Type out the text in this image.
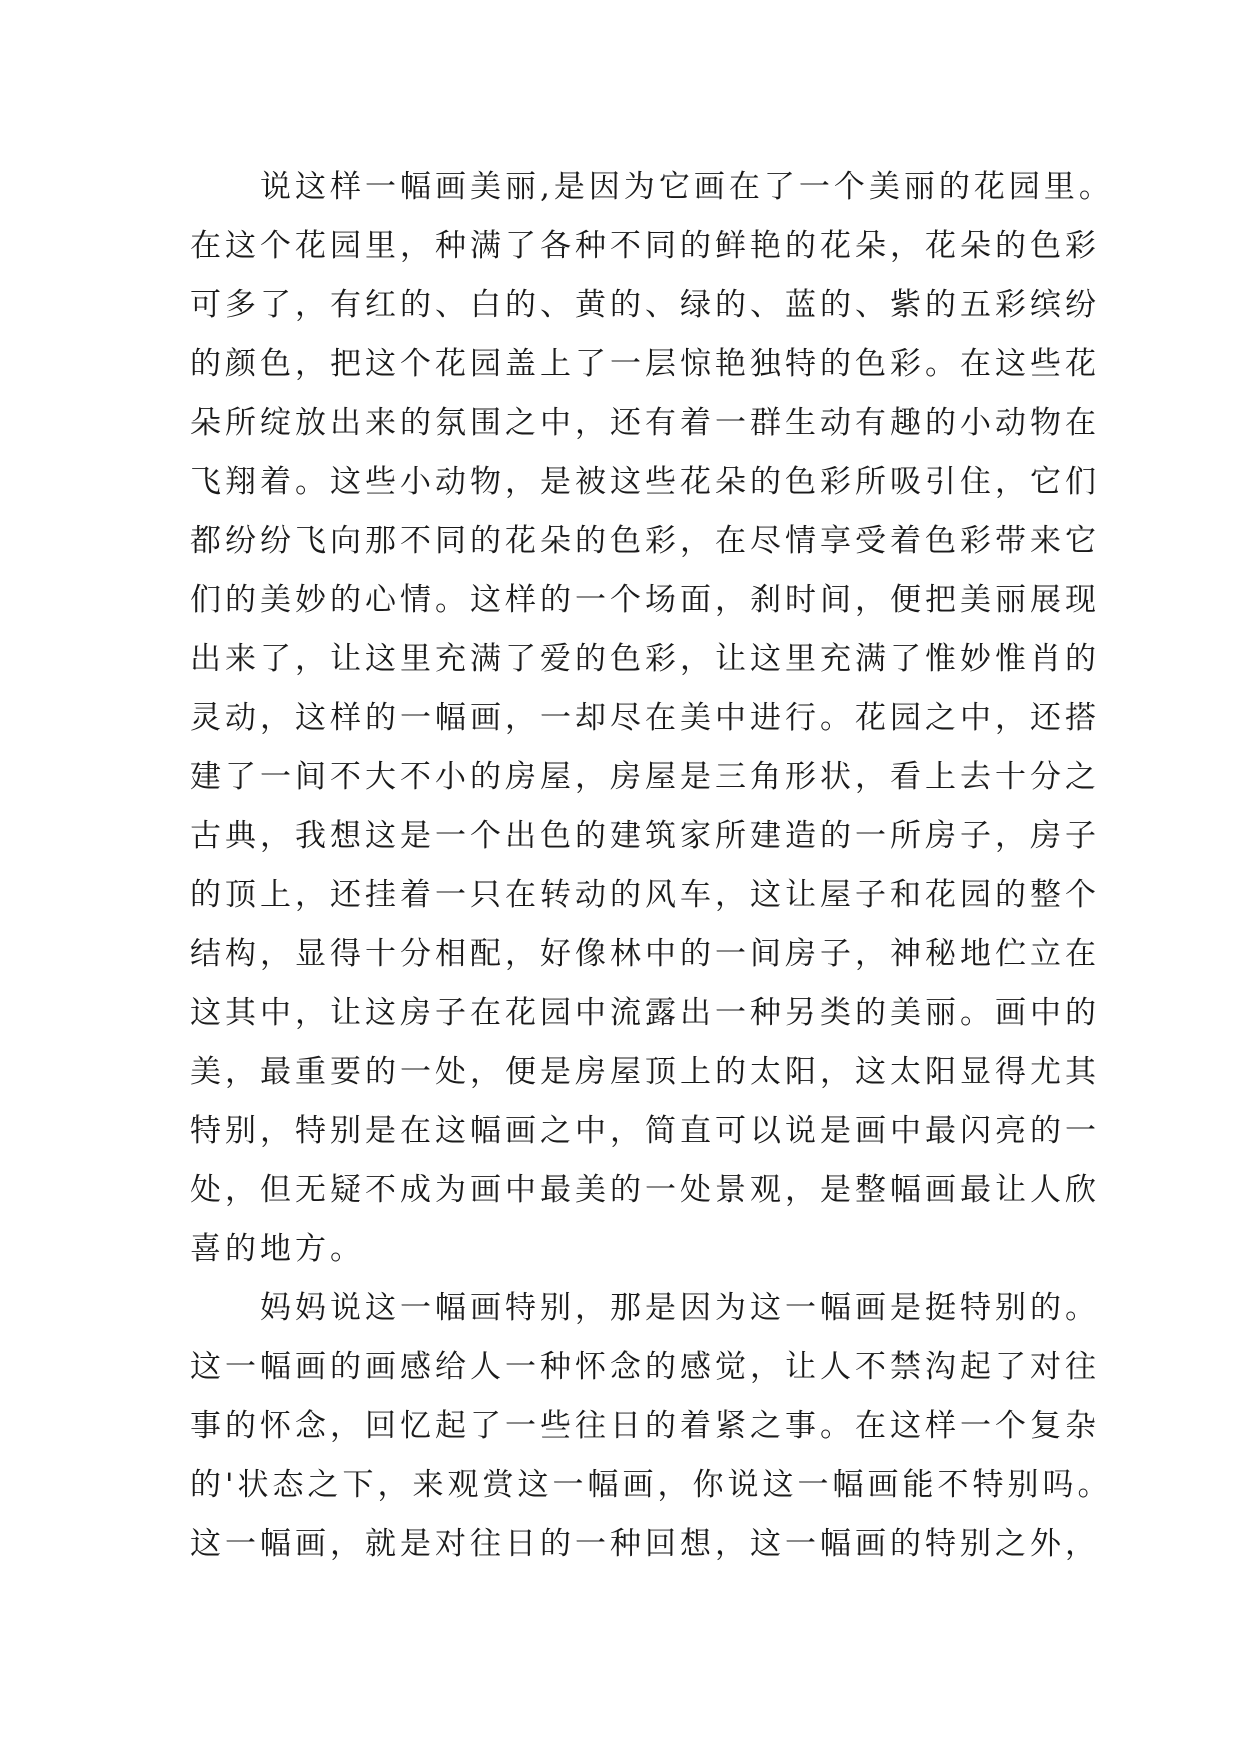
说这样一幅画美丽,是因为它画在了一个美丽的花园里。
在这个花园里，种满了各种不同的鲜艳的花朵，花朵的色彩
可多了，有红的、白的、黄的、绿的、蓝的、紫的五彩缤纷
的颜色，把这个花园盖上了一层惊艳独特的色彩。在这些花
朵所绽放出来的氛围之中，还有着一群生动有趣的小动物在
飞翔着。这些小动物，是被这些花朵的色彩所吸引住，它们
都纷纷飞向那不同的花朵的色彩，在尽情享受着色彩带来它
们的美妙的心情。这样的一个场面，刹时间，便把美丽展现
出来了，让这里充满了爱的色彩，让这里充满了惟妙惟肖的
灵动，这样的一幅画，一却尽在美中进行。花园之中，还搭
建了一间不大不小的房屋，房屋是三角形状，看上去十分之
古典，我想这是一个出色的建筑家所建造的一所房子，房子
的顶上，还挂着一只在转动的风车，这让屋子和花园的整个
结构，显得十分相配，好像林中的一间房子，神秘地伫立在
这其中，让这房子在花园中流露出一种另类的美丽。画中的
美，最重要的一处，便是房屋顶上的太阳，这太阳显得尤其
特别，特别是在这幅画之中，简直可以说是画中最闪亮的一
处，但无疑不成为画中最美的一处景观，是整幅画最让人欣
喜的地方。
妈妈说这一幅画特别，那是因为这一幅画是挺特别的。
这一幅画的画感给人一种怀念的感觉，让人不禁沟起了对往
事的怀念，回忆起了一些往日的着紧之事。在这样一个复杂
的'状态之下，来观赏这一幅画，你说这一幅画能不特别吗。
这一幅画，就是对往日的一种回想，这一幅画的特别之外，
